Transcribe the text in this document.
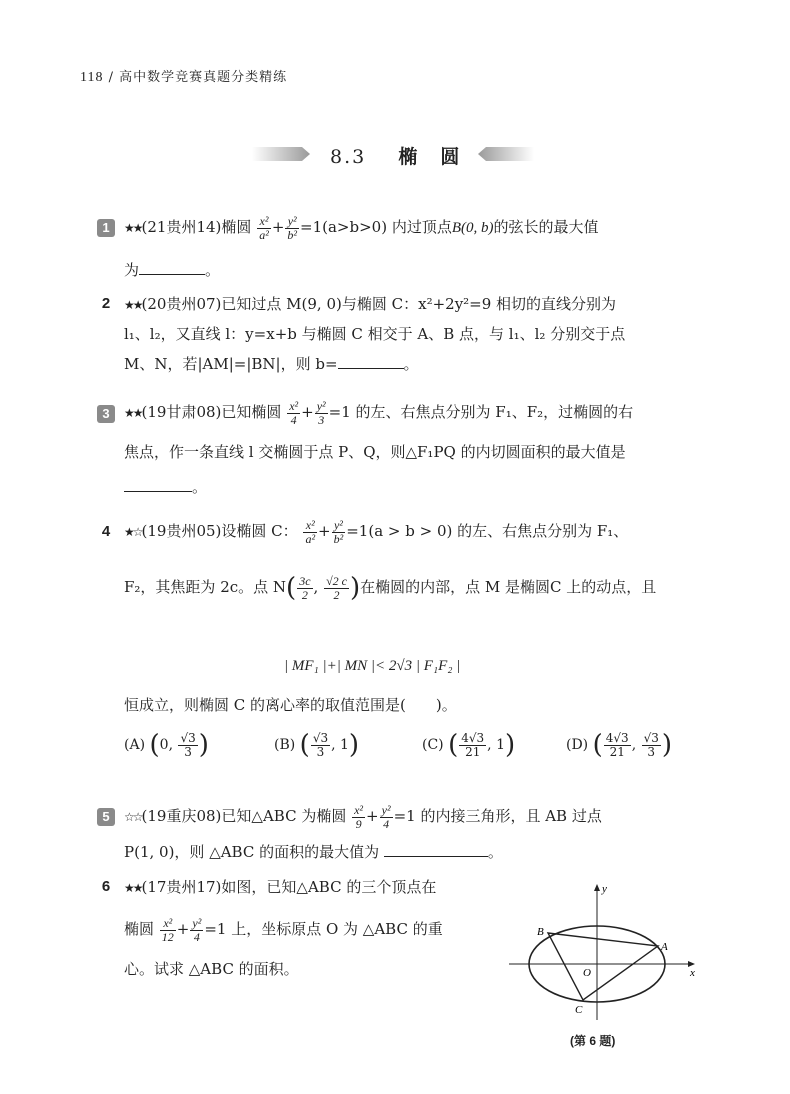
118 / 高中数学竞赛真题分类精练
8.3 椭　圆
1	★★(21贵州14)椭圆 $\frac{\text{x²}}{\text{a²}} + \frac{\text{y²}}{\text{b²}} =1(a>b>0)$ 内过顶点B(0, b)的弦长的最大值
为	。
2	★★(20贵州07)已知过点 M(9, 0)与椭圆 C：x²+2y²=9 相切的直线分别为
l₁、l₂，又直线 l：y=x+b 与椭圆 C 相交于 A、B 点，与 l₁、l₂ 分别交于点
M、N，若|AM|=|BN|，则 b=	。
3	★★(19甘肃08)已知椭圆 $\frac{\text{x²}}{4} + \frac{\text{y²}}{3} =1$ 的左、右焦点分别为 F₁、F₂，过椭圆的右
焦点，作一条直线 l 交椭圆于点 P、Q，则△F₁PQ 的内切圆面积的最大值是
。
4	★☆(19贵州05)设椭圆 C： $\frac{\text{x²}}{\text{a²}} + \frac{\text{y²}}{\text{b²}} =1(a > b > 0)$ 的左、右焦点分别为 F₁、
F₂，其焦距为 2c。点 $N( \frac{3c}{2}$ , $\frac{√2 c}{2}$ )在椭圆的内部，点 M 是椭圆C 上的动点，且
| MF₁ |+| MN |< 2√3 | F₁F₂ |
恒成立，则椭圆 C 的离心率的取值范围是(　　)。
(A) (0, $\frac{√3}{3}$ )	(B) ( $\frac{√3}{3}$ , 1)	(C) ( $\frac{4√3}{21}$ , 1)	(D) ( $\frac{4√3}{21}$ , $\frac{√3}{3}$ )
5	☆☆(19重庆08)已知△ABC 为椭圆 $\frac{\text{x²}}{9} + \frac{\text{y²}}{4} =1$ 的内接三角形，且 AB 过点
P(1, 0)，则 △ABC 的面积的最大值为	。
6	★★(17贵州17)如图，已知△ABC 的三个顶点在
椭圆 $\frac{\text{x²}}{12} + \frac{\text{y²}}{4} =1$ 上，坐标原点 O 为 △ABC 的重
心。试求 △ABC 的面积。	x
y
O
A
B
C
(第 6 题)
